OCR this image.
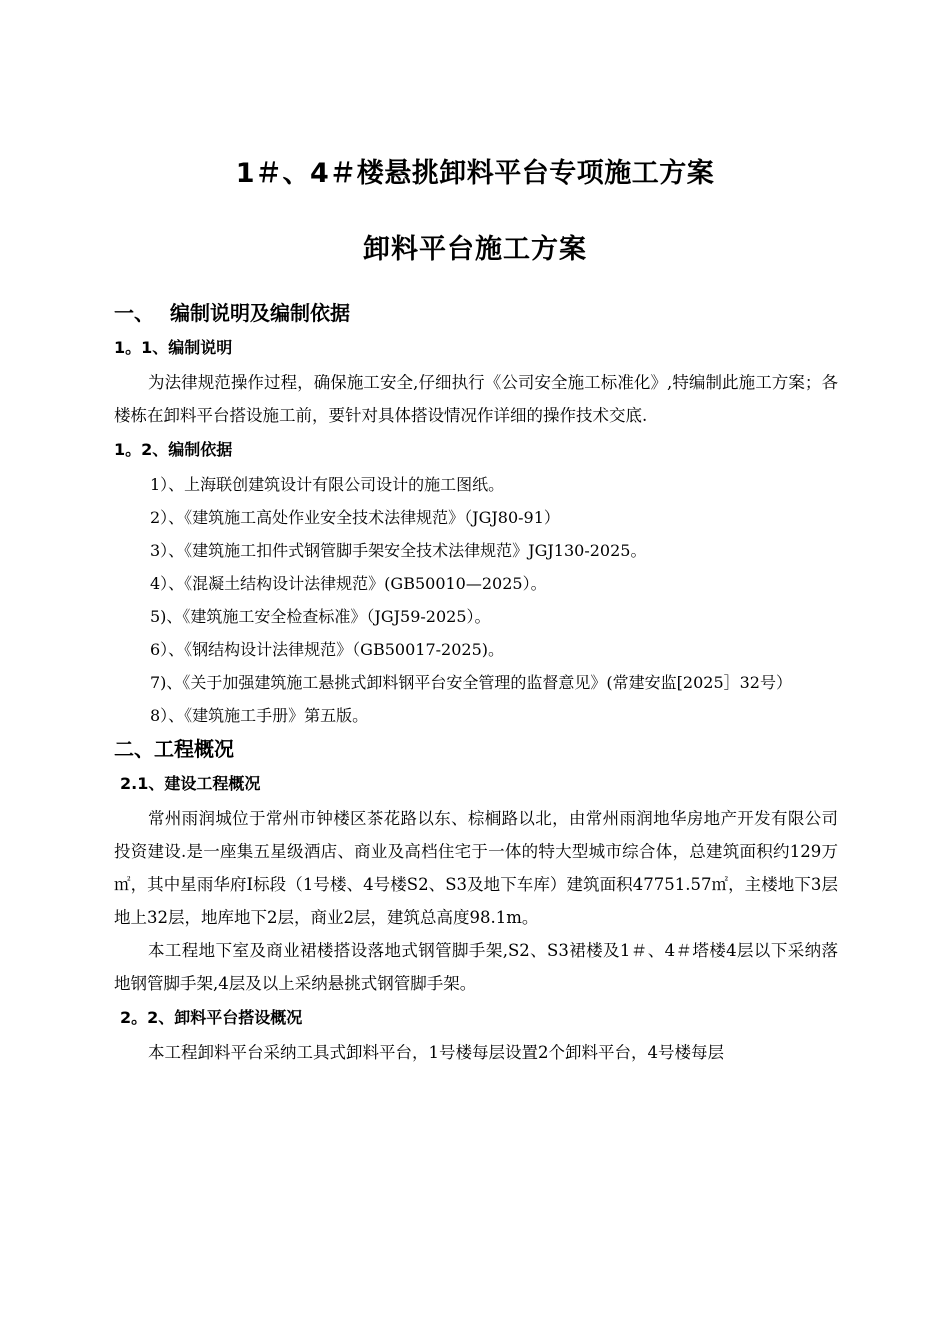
1＃、4＃楼悬挑卸料平台专项施工方案
卸料平台施工方案
一、 编制说明及编制依据
1。1、编制说明

为法律规范操作过程，确保施工安全,仔细执行《公司安全施工标准化》,特编制此施工方案；各楼栋在卸料平台搭设施工前，要针对具体搭设情况作详细的操作技术交底.

1。2、编制依据

1）、上海联创建筑设计有限公司设计的施工图纸。

2）、《建筑施工高处作业安全技术法律规范》（JGJ80-91）

3）、《建筑施工扣件式钢管脚手架安全技术法律规范》JGJ130-2025。

4）、《混凝土结构设计法律规范》(GB50010—2025）。

5)、《建筑施工安全检查标准》（JGJ59-2025）。

6）、《钢结构设计法律规范》（GB50017-2025)。

7)、《关于加强建筑施工悬挑式卸料钢平台安全管理的监督意见》(常建安监[2025］32号）

8）、《建筑施工手册》第五版。

二、工程概况
2.1、建设工程概况

常州雨润城位于常州市钟楼区茶花路以东、棕榈路以北，由常州雨润地华房地产开发有限公司投资建设.是一座集五星级酒店、商业及高档住宅于一体的特大型城市综合体，总建筑面积约129万㎡，其中星雨华府Ⅰ标段（1号楼、4号楼S2、S3及地下车库）建筑面积47751.57㎡，主楼地下3层地上32层，地库地下2层，商业2层，建筑总高度98.1m。

本工程地下室及商业裙楼搭设落地式钢管脚手架,S2、S3裙楼及1＃、4＃塔楼4层以下采纳落地钢管脚手架,4层及以上采纳悬挑式钢管脚手架。

2。2、卸料平台搭设概况

本工程卸料平台采纳工具式卸料平台，1号楼每层设置2个卸料平台，4号楼每层
